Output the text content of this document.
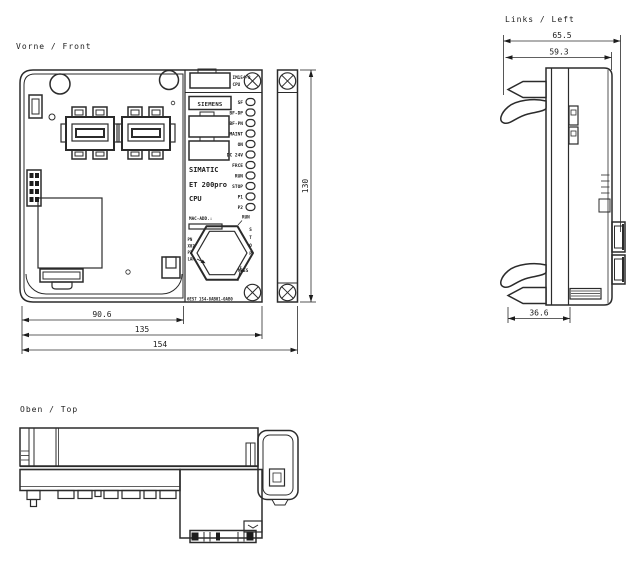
Vorne / Front
Links / Left
Oben / Top
IM154-8
CPU
SIEMENS	SF
BF-DP
BF-PN
MAINT
ON
DC 24V
FRCE
RUN
STOP
P1
P2
SIMATIC
ET 200pro
CPU
MAC-ADD.:	RUN
S
T
O
P
MRES
PN
X02
P3
LAN
6ES7 154-8AB01-0AB0
130
90.6
135
154
65.5
59.3
36.6
